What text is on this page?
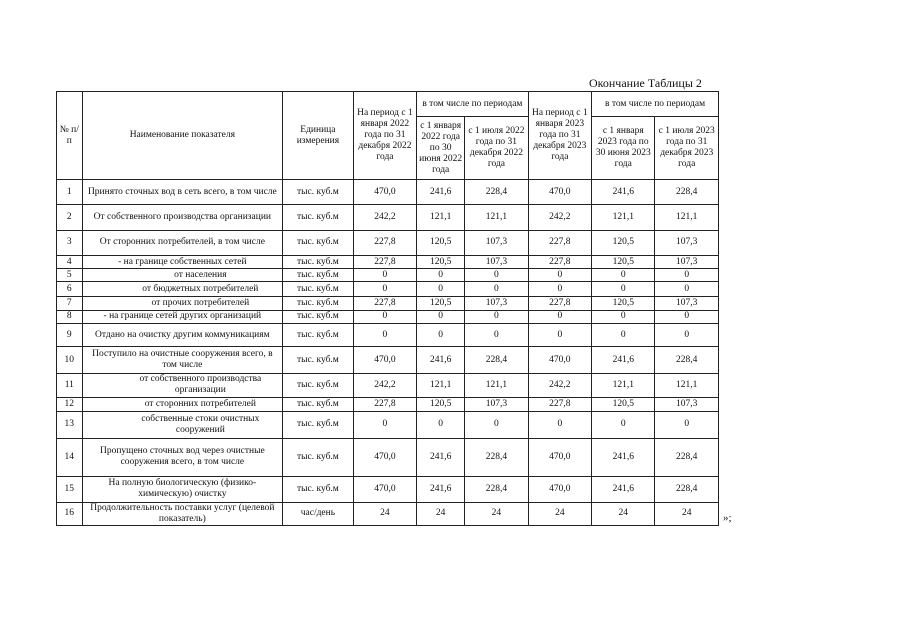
Окончание Таблицы 2
№ п/п	Наименование показателя	Единица измерения	На период с 1 января 2022 года по 31 декабря 2022 года	в том числе по периодам		На период с 1 января 2023 года по 31 декабря 2023 года	в том числе по периодам	
				с 1 января 2022 года по 30 июня 2022 года	с 1 июля 2022 года по 31 декабря 2022 года		с 1 января 2023 года по 30 июня 2023 года	с 1 июля 2023 года по 31 декабря 2023 года
1	Принято сточных вод в сеть всего, в том числе	тыс. куб.м	470,0	241,6	228,4	470,0	241,6	228,4
2	От собственного производства организации	тыс. куб.м	242,2	121,1	121,1	242,2	121,1	121,1
3	От сторонних потребителей, в том числе	тыс. куб.м	227,8	120,5	107,3	227,8	120,5	107,3
4	- на границе собственных сетей	тыс. куб.м	227,8	120,5	107,3	227,8	120,5	107,3
5	от населения	тыс. куб.м	0	0	0	0	0	0
6	от бюджетных потребителей	тыс. куб.м	0	0	0	0	0	0
7	от прочих потребителей	тыс. куб.м	227,8	120,5	107,3	227,8	120,5	107,3
8	- на границе сетей других организаций	тыс. куб.м	0	0	0	0	0	0
9	Отдано на очистку другим коммуникациям	тыс. куб.м	0	0	0	0	0	0
10	Поступило на очистные сооружения всего, в том числе	тыс. куб.м	470,0	241,6	228,4	470,0	241,6	228,4
11	от собственного производства организации	тыс. куб.м	242,2	121,1	121,1	242,2	121,1	121,1
12	от сторонних потребителей	тыс. куб.м	227,8	120,5	107,3	227,8	120,5	107,3
13	собственные стоки очистных сооружений	тыс. куб.м	0	0	0	0	0	0
14	Пропущено сточных вод через очистные сооружения всего, в том числе	тыс. куб.м	470,0	241,6	228,4	470,0	241,6	228,4
15	На полную биологическую (физико-химическую) очистку	тыс. куб.м	470,0	241,6	228,4	470,0	241,6	228,4
16	Продолжительность поставки услуг (целевой показатель)	час/день	24	24	24	24	24	24	»;
